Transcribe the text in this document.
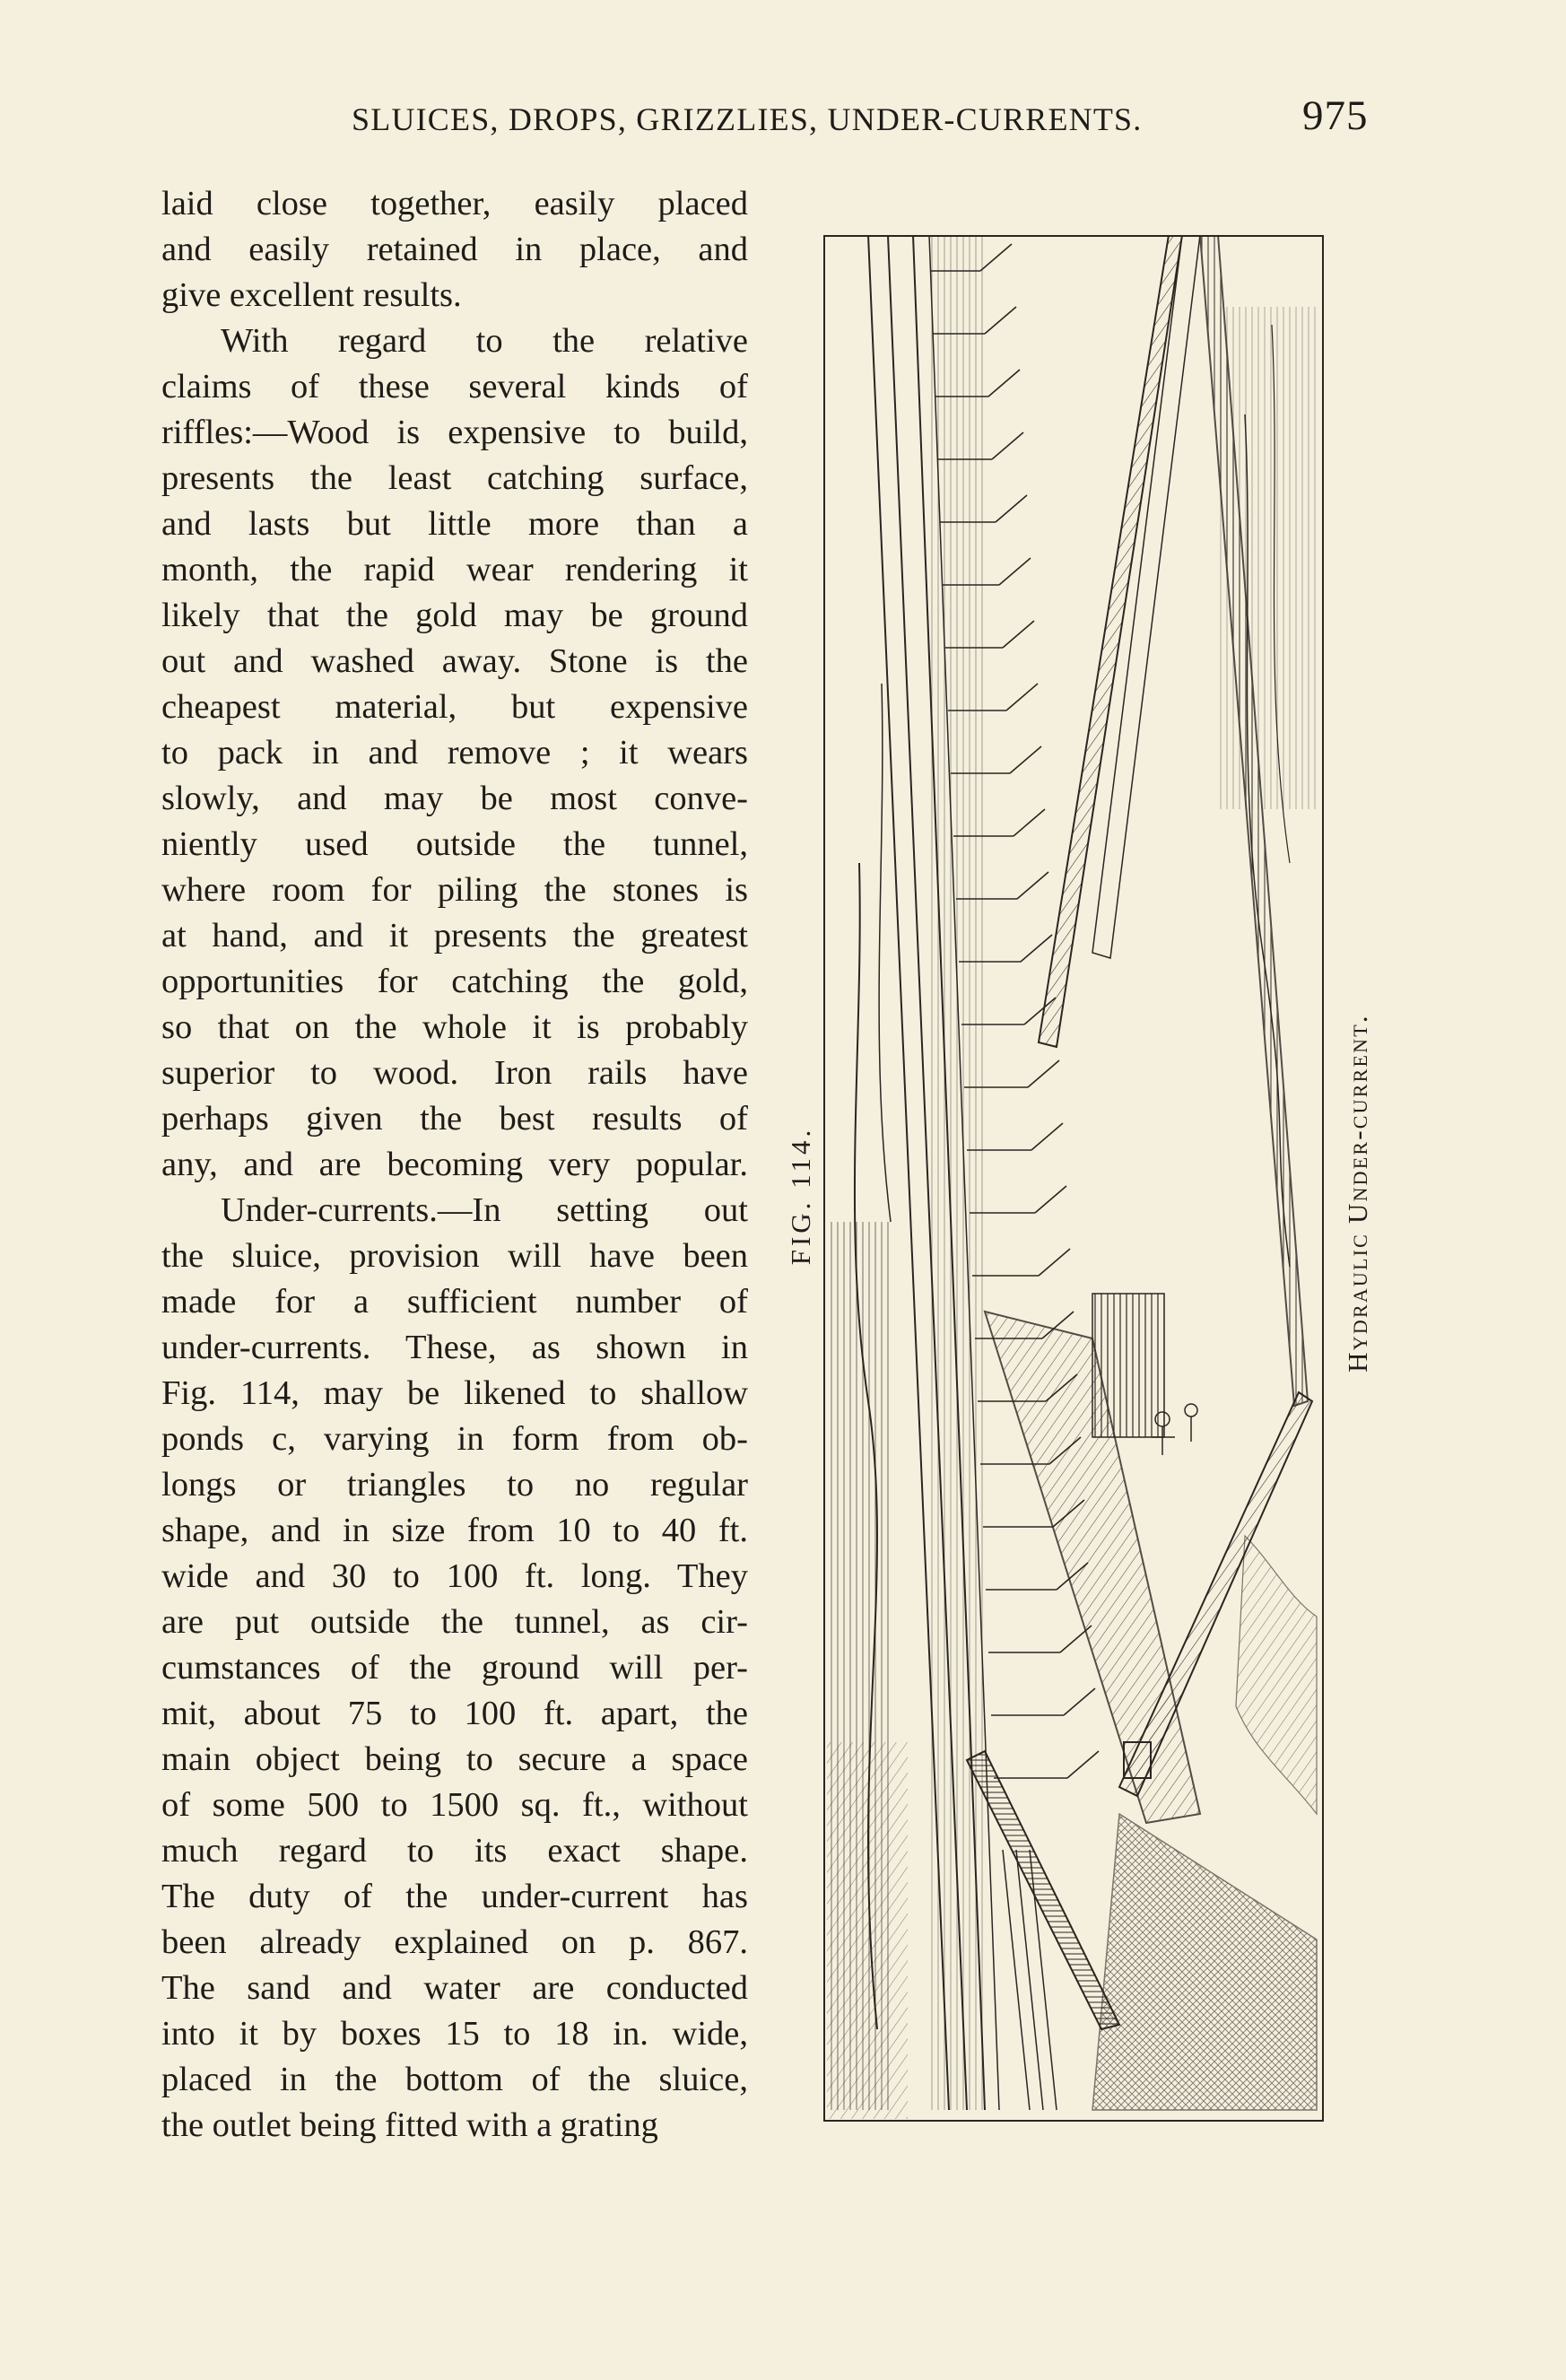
SLUICES, DROPS, GRIZZLIES, UNDER-CURRENTS.	975
laid close together, easily placed
and easily retained in place, and
give excellent results.
With regard to the relative
claims of these several kinds of
riffles:—Wood is expensive to build,
presents the least catching surface,
and lasts but little more than a
month, the rapid wear rendering it
likely that the gold may be ground
out and washed away. Stone is the
cheapest material, but expensive
to pack in and remove ; it wears
slowly, and may be most conve-
niently used outside the tunnel,
where room for piling the stones is
at hand, and it presents the greatest
opportunities for catching the gold,
so that on the whole it is probably
superior to wood. Iron rails have
perhaps given the best results of
any, and are becoming very popular.
Under-currents.—In setting out
the sluice, provision will have been
made for a sufficient number of
under-currents. These, as shown in
Fig. 114, may be likened to shallow
ponds c, varying in form from ob-
longs or triangles to no regular
shape, and in size from 10 to 40 ft.
wide and 30 to 100 ft. long. They
are put outside the tunnel, as cir-
cumstances of the ground will per-
mit, about 75 to 100 ft. apart, the
main object being to secure a space
of some 500 to 1500 sq. ft., without
much regard to its exact shape.
The duty of the under-current has
been already explained on p. 867.
The sand and water are conducted
into it by boxes 15 to 18 in. wide,
placed in the bottom of the sluice,
the outlet being fitted with a grating
FIG. 114.	Hydraulic Under-current.
